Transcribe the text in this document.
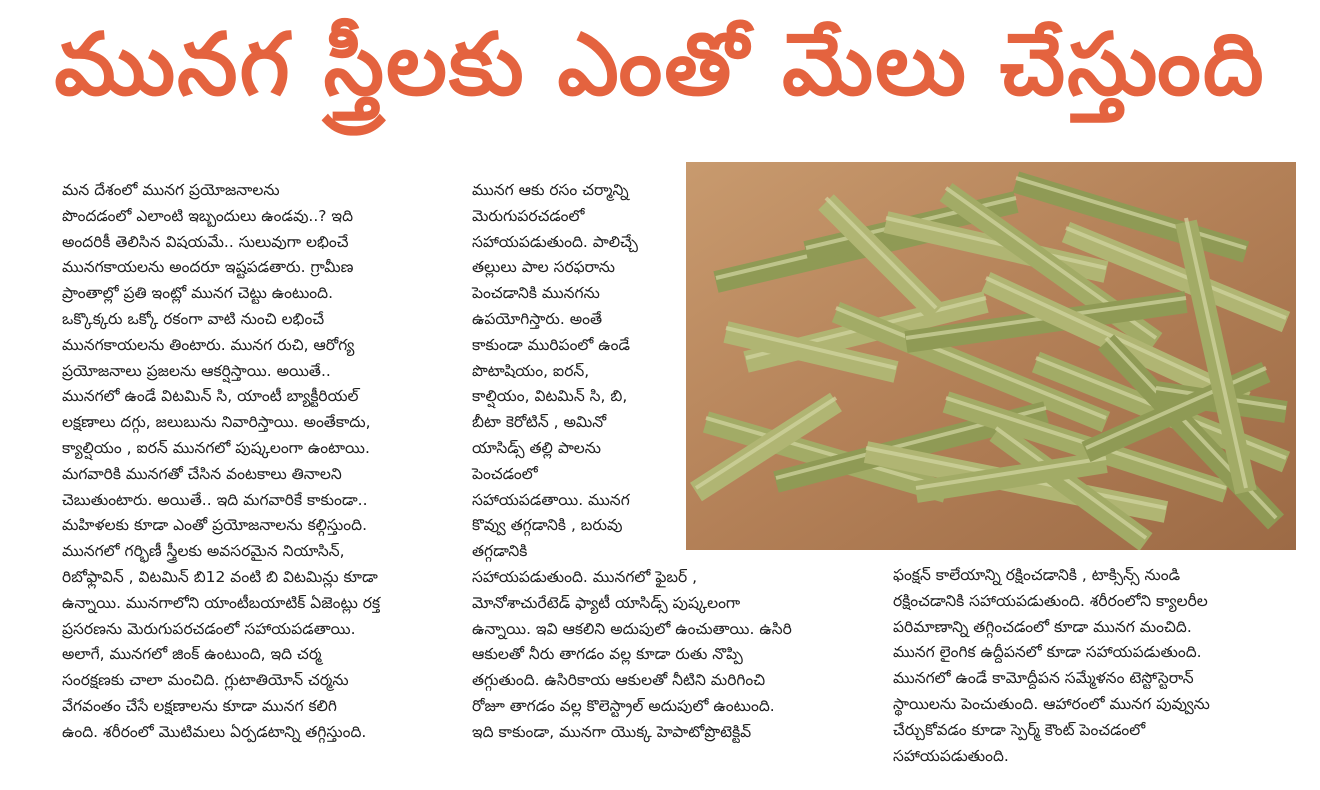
మునగ స్త్రీలకు ఎంతో మేలు చేస్తుంది
మన దేశంలో మునగ ప్రయోజనాలను
పొందడంలో ఎలాంటి ఇబ్బందులు ఉండవు..? ఇది
అందరికీ తెలిసిన విషయమే.. సులువుగా లభించే
మునగకాయలను అందరూ ఇష్టపడతారు. గ్రామీణ
ప్రాంతాల్లో ప్రతి ఇంట్లో మునగ చెట్టు ఉంటుంది.
ఒక్కొక్కరు ఒక్కో రకంగా వాటి నుంచి లభించే
మునగకాయలను తింటారు. మునగ రుచి, ఆరోగ్య
ప్రయోజనాలు ప్రజలను ఆకర్షిస్తాయి. అయితే..
మునగలో ఉండే విటమిన్ సి, యాంటీ బ్యాక్టీరియల్
లక్షణాలు దగ్గు, జలుబును నివారిస్తాయి. అంతేకాదు,
క్యాల్షియం , ఐరన్ మునగలో పుష్కలంగా ఉంటాయి.
మగవారికి మునగతో చేసిన వంటకాలు తినాలని
చెబుతుంటారు. అయితే.. ఇది మగవారికే కాకుండా..
మహిళలకు కూడా ఎంతో ప్రయోజనాలను కల్గిస్తుంది.
మునగలో గర్భిణీ స్త్రీలకు అవసరమైన నియాసిన్,
రిబోఫ్లావిన్ , విటమిన్ బి12 వంటి బి విటమిన్లు కూడా
ఉన్నాయి. మునగాలోని యాంటీబయాటిక్ ఏజెంట్లు రక్త
ప్రసరణను మెరుగుపరచడంలో సహాయపడతాయి.
అలాగే, మునగలో జింక్ ఉంటుంది, ఇది చర్మ
సంరక్షణకు చాలా మంచిది. గ్లుటాతియోన్ చర్మను
వేగవంతం చేసే లక్షణాలను కూడా మునగ కలిగి
ఉంది. శరీరంలో మొటిమలు ఏర్పడటాన్ని తగ్గిస్తుంది.
మునగ ఆకు రసం చర్మాన్ని
మెరుగుపరచడంలో
సహాయపడుతుంది. పాలిచ్చే
తల్లులు పాల సరఫరాను
పెంచడానికి మునగను
ఉపయోగిస్తారు. అంతే
కాకుండా మురిపంలో ఉండే
పొటాషియం, ఐరన్,
కాల్షియం, విటమిన్ సి, బి,
బీటా కెరోటిన్ , అమినో
యాసిడ్స్ తల్లి పాలను
పెంచడంలో
సహాయపడతాయి. మునగ
కొవ్వు తగ్గడానికి , బరువు
తగ్గడానికి
సహాయపడుతుంది. మునగలో ఫైబర్ ,
మోనోశాచురేటెడ్ ఫ్యాటీ యాసిడ్స్ పుష్కలంగా
ఉన్నాయి. ఇవి ఆకలిని అదుపులో ఉంచుతాయి. ఉసిరి
ఆకులతో నీరు తాగడం వల్ల కూడా రుతు నొప్పి
తగ్గుతుంది. ఉసిరికాయ ఆకులతో నీటిని మరిగించి
రోజూ తాగడం వల్ల కొలెస్ట్రాల్ అదుపులో ఉంటుంది.
ఇది కాకుండా, మునగా యొక్క హెపాటోప్రొటెక్టివ్
ఫంక్షన్ కాలేయాన్ని రక్షించడానికి , టాక్సిన్స్ నుండి
రక్షించడానికి సహాయపడుతుంది. శరీరంలోని క్యాలరీల
పరిమాణాన్ని తగ్గించడంలో కూడా మునగ మంచిది.
మునగ లైంగిక ఉద్దీపనలో కూడా సహాయపడుతుంది.
మునగలో ఉండే కామోద్దీపన సమ్మేళనం టెస్టోస్టెరాన్
స్థాయిలను పెంచుతుంది. ఆహారంలో మునగ పువ్వును
చేర్చుకోవడం కూడా స్పెర్మ్ కౌంట్ పెంచడంలో
సహాయపడుతుంది.
